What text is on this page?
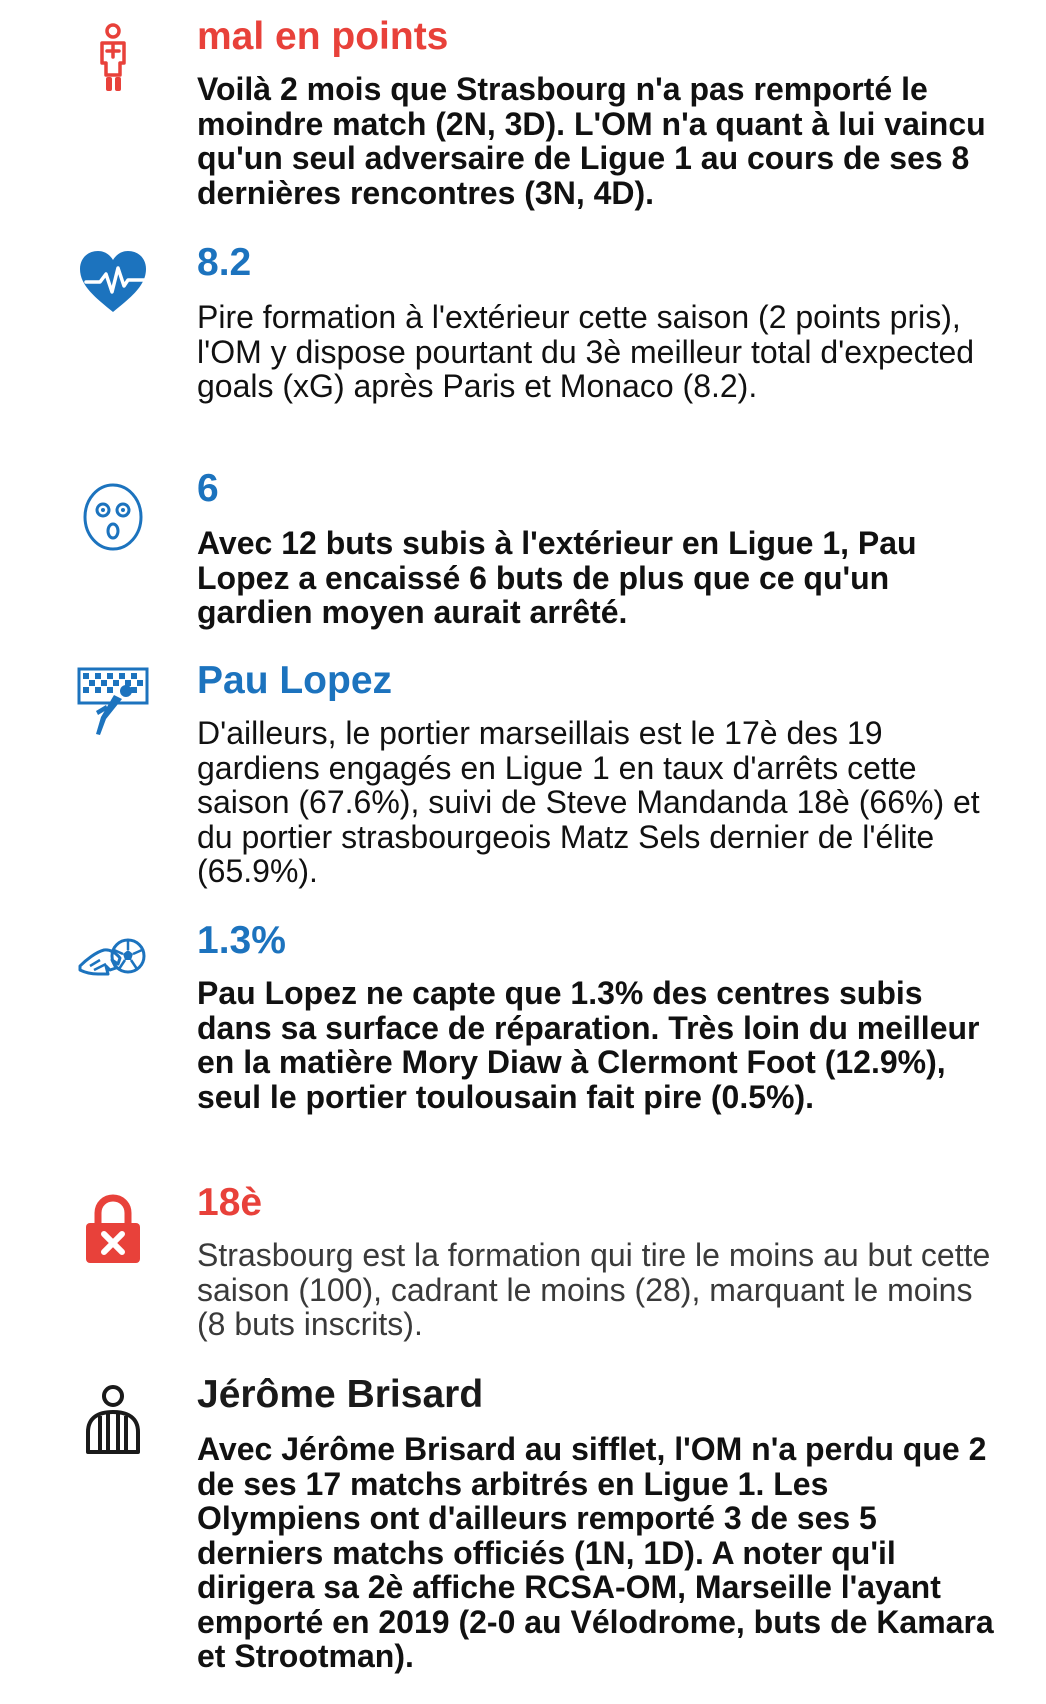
mal en points

Voilà 2 mois que Strasbourg n'a pas remporté le moindre match (2N, 3D). L'OM n'a quant à lui vaincu qu'un seul adversaire de Ligue 1 au cours de ses 8 dernières rencontres (3N, 4D).

8.2

Pire formation à l'extérieur cette saison (2 points pris), l'OM y dispose pourtant du 3è meilleur total d'expected goals (xG) après Paris et Monaco (8.2).

6

Avec 12 buts subis à l'extérieur en Ligue 1, Pau Lopez a encaissé 6 buts de plus que ce qu'un gardien moyen aurait arrêté.

Pau Lopez

D'ailleurs, le portier marseillais est le 17è des 19 gardiens engagés en Ligue 1 en taux d'arrêts cette saison (67.6%), suivi de Steve Mandanda 18è (66%) et du portier strasbourgeois Matz Sels dernier de l'élite (65.9%).

1.3%

Pau Lopez ne capte que 1.3% des centres subis dans sa surface de réparation. Très loin du meilleur en la matière Mory Diaw à Clermont Foot (12.9%), seul le portier toulousain fait pire (0.5%).

18è

Strasbourg est la formation qui tire le moins au but cette saison (100), cadrant le moins (28), marquant le moins (8 buts inscrits).

Jérôme Brisard

Avec Jérôme Brisard au sifflet, l'OM n'a perdu que 2 de ses 17 matchs arbitrés en Ligue 1. Les Olympiens ont d'ailleurs remporté 3 de ses 5 derniers matchs officiés (1N, 1D). A noter qu'il dirigera sa 2è affiche RCSA-OM, Marseille l'ayant emporté en 2019 (2-0 au Vélodrome, buts de Kamara et Strootman).
